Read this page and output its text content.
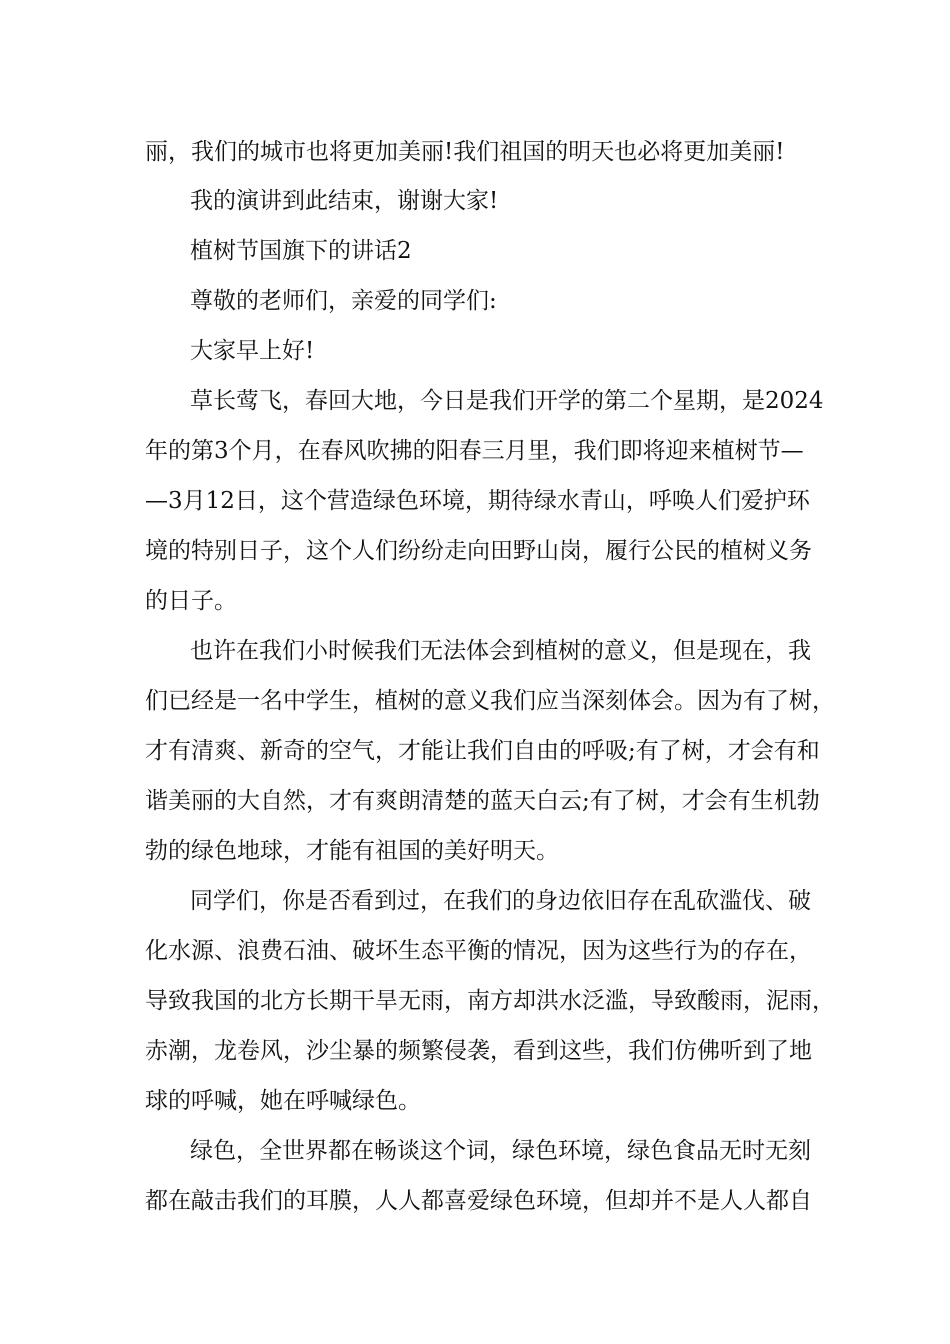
丽，我们的城市也将更加美丽!我们祖国的明天也必将更加美丽!
我的演讲到此结束，谢谢大家!
植树节国旗下的讲话2
尊敬的老师们，亲爱的同学们:
大家早上好!
草长莺飞，春回大地，今日是我们开学的第二个星期，是2024
年的第3个月，在春风吹拂的阳春三月里，我们即将迎来植树节—
—3月12日，这个营造绿色环境，期待绿水青山，呼唤人们爱护环
境的特别日子，这个人们纷纷走向田野山岗，履行公民的植树义务
的日子。
也许在我们小时候我们无法体会到植树的意义，但是现在，我
们已经是一名中学生，植树的意义我们应当深刻体会。因为有了树，
才有清爽、新奇的空气，才能让我们自由的呼吸;有了树，才会有和
谐美丽的大自然，才有爽朗清楚的蓝天白云;有了树，才会有生机勃
勃的绿色地球，才能有祖国的美好明天。
同学们，你是否看到过，在我们的身边依旧存在乱砍滥伐、破
化水源、浪费石油、破坏生态平衡的情况，因为这些行为的存在，
导致我国的北方长期干旱无雨，南方却洪水泛滥，导致酸雨，泥雨，
赤潮，龙卷风，沙尘暴的频繁侵袭，看到这些，我们仿佛听到了地
球的呼喊，她在呼喊绿色。
绿色，全世界都在畅谈这个词，绿色环境，绿色食品无时无刻
都在敲击我们的耳膜，人人都喜爱绿色环境，但却并不是人人都自
